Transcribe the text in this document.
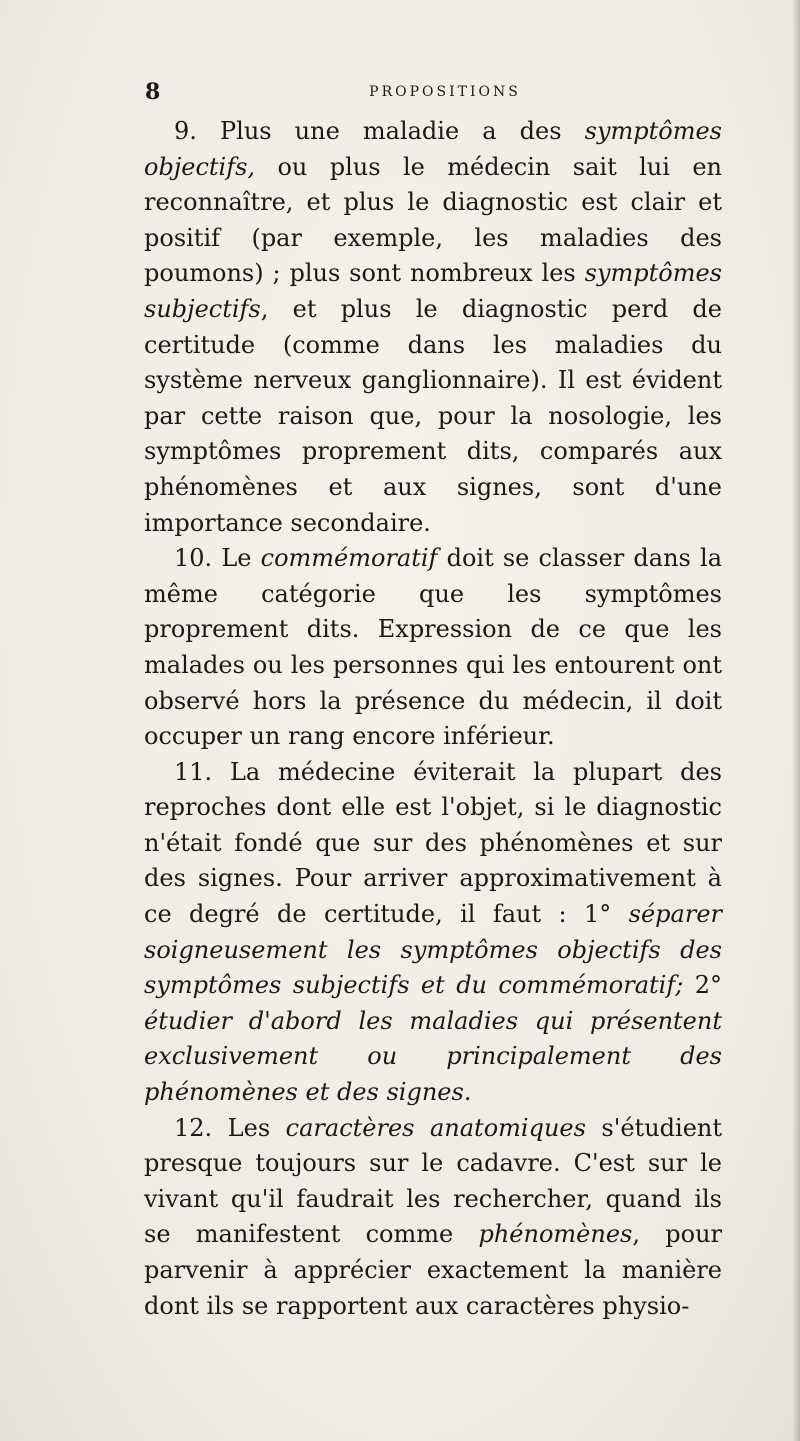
8	PROPOSITIONS

9. Plus une maladie a des symptômes objectifs, ou plus le médecin sait lui en reconnaître, et plus le diagnostic est clair et positif (par exemple, les maladies des poumons) ; plus sont nombreux les symptômes subjectifs, et plus le diagnostic perd de certitude (comme dans les maladies du système nerveux ganglionnaire). Il est évident par cette raison que, pour la nosologie, les symptômes proprement dits, comparés aux phénomènes et aux signes, sont d'une importance secondaire.

10. Le commémoratif doit se classer dans la même catégorie que les symptômes proprement dits. Expression de ce que les malades ou les personnes qui les entourent ont observé hors la présence du médecin, il doit occuper un rang encore inférieur.

11. La médecine éviterait la plupart des reproches dont elle est l'objet, si le diagnostic n'était fondé que sur des phénomènes et sur des signes. Pour arriver approximativement à ce degré de certitude, il faut : 1° séparer soigneusement les symptômes objectifs des symptômes subjectifs et du commémoratif; 2° étudier d'abord les maladies qui présentent exclusivement ou principalement des phénomènes et des signes.

12. Les caractères anatomiques s'étudient presque toujours sur le cadavre. C'est sur le vivant qu'il faudrait les rechercher, quand ils se manifestent comme phénomènes, pour parvenir à apprécier exactement la manière dont ils se rapportent aux caractères physio-
